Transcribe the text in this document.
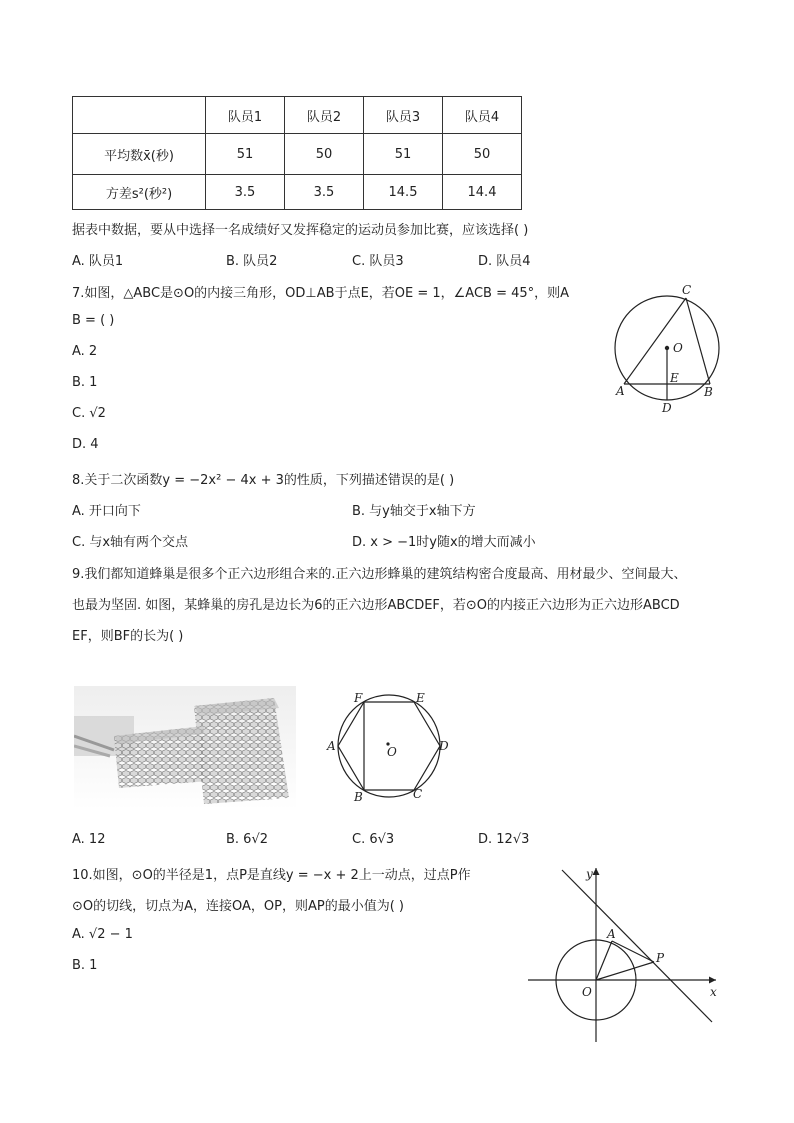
	队员1	队员2	队员3	队员4
平均数x̄(秒)	51	50	51	50
方差s²(秒²)	3.5	3.5	14.5	14.4
据表中数据，要从中选择一名成绩好又发挥稳定的运动员参加比赛，应该选择( )
A. 队员1	B. 队员2	C. 队员3	D. 队员4
7.如图，△ABC是⊙O的内接三角形，OD⊥AB于点E，若OE = 1，∠ACB = 45°，则A
B = ( )
A. 2
B. 1
C. √2
D. 4
C
O
A
E
B
D
8.关于二次函数y = −2x² − 4x + 3的性质，下列描述错误的是( )
A. 开口向下	B. 与y轴交于x轴下方
C. 与x轴有两个交点	D. x > −1时y随x的增大而减小
9.我们都知道蜂巢是很多个正六边形组合来的.正六边形蜂巢的建筑结构密合度最高、用材最少、空间最大、
也最为坚固. 如图，某蜂巢的房孔是边长为6的正六边形ABCDEF，若⊙O的内接正六边形为正六边形ABCD
EF，则BF的长为( )
F	E
A	D
O
B	C
A. 12	B. 6√2	C. 6√3	D. 12√3
10.如图，⊙O的半径是1，点P是直线y = −x + 2上一动点，过点P作
⊙O的切线，切点为A，连接OA，OP，则AP的最小值为( )
A. √2 − 1
B. 1
y
x
O
A
P
